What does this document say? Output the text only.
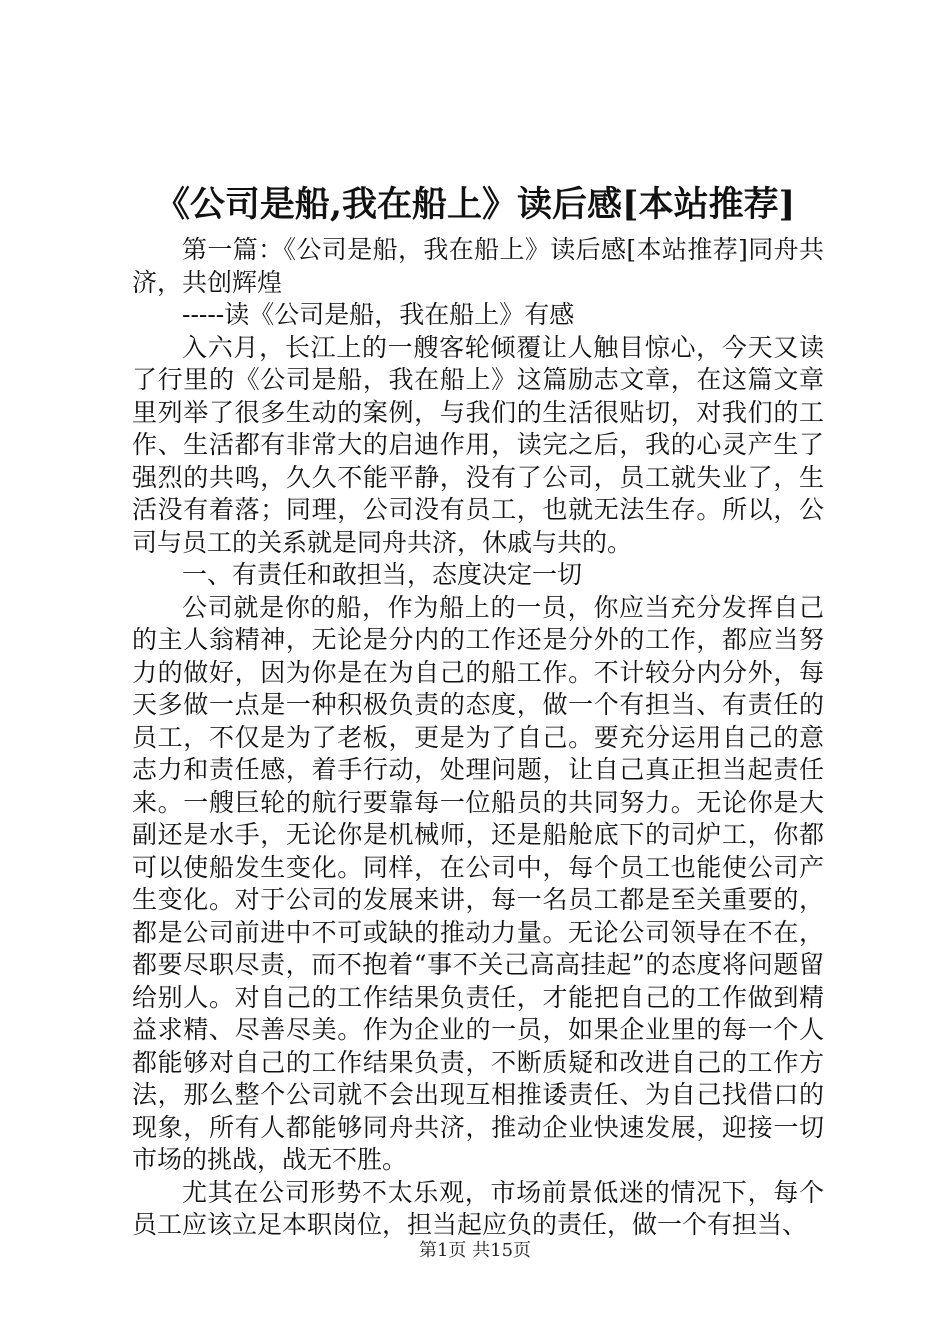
《公司是船,我在船上》读后感[本站推荐]

第一篇：《公司是船，我在船上》读后感[本站推荐]同舟共济，共创辉煌

-----读《公司是船，我在船上》有感

入六月，长江上的一艘客轮倾覆让人触目惊心，今天又读了行里的《公司是船，我在船上》这篇励志文章，在这篇文章里列举了很多生动的案例，与我们的生活很贴切，对我们的工作、生活都有非常大的启迪作用，读完之后，我的心灵产生了强烈的共鸣，久久不能平静，没有了公司，员工就失业了，生活没有着落；同理，公司没有员工，也就无法生存。所以，公司与员工的关系就是同舟共济，休戚与共的。

一、有责任和敢担当，态度决定一切

公司就是你的船，作为船上的一员，你应当充分发挥自己的主人翁精神，无论是分内的工作还是分外的工作，都应当努力的做好，因为你是在为自己的船工作。不计较分内分外，每天多做一点是一种积极负责的态度，做一个有担当、有责任的员工，不仅是为了老板，更是为了自己。要充分运用自己的意志力和责任感，着手行动，处理问题，让自己真正担当起责任来。一艘巨轮的航行要靠每一位船员的共同努力。无论你是大副还是水手，无论你是机械师，还是船舱底下的司炉工，你都可以使船发生变化。同样，在公司中，每个员工也能使公司产生变化。对于公司的发展来讲，每一名员工都是至关重要的，都是公司前进中不可或缺的推动力量。无论公司领导在不在，都要尽职尽责，而不抱着“事不关己高高挂起”的态度将问题留给别人。对自己的工作结果负责任，才能把自己的工作做到精益求精、尽善尽美。作为企业的一员，如果企业里的每一个人都能够对自己的工作结果负责，不断质疑和改进自己的工作方法，那么整个公司就不会出现互相推诿责任、为自己找借口的现象，所有人都能够同舟共济，推动企业快速发展，迎接一切市场的挑战，战无不胜。

尤其在公司形势不太乐观，市场前景低迷的情况下，每个员工应该立足本职岗位，担当起应负的责任，做一个有担当、

第1页 共15页
